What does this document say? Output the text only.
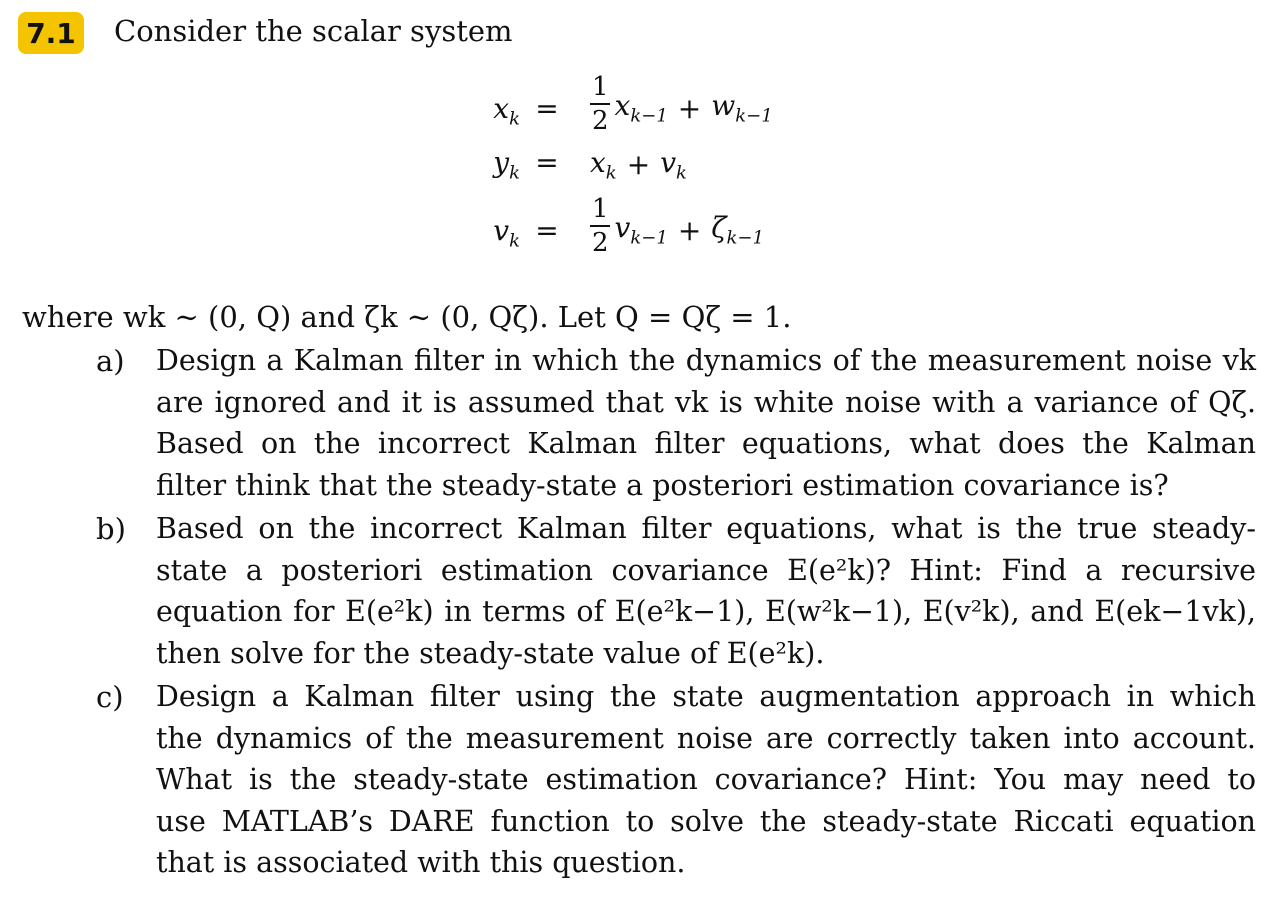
7.1 Consider the scalar system
$x_k = \frac{1}{2} x_{k-1} + w_{k-1}$
$y_k = x_k + v_k$
$v_k = \frac{1}{2} v_{k-1} + \zeta_{k-1}$
where wk ∼ (0, Q) and ζk ∼ (0, Qζ). Let Q = Qζ = 1.
a)	Design a Kalman filter in which the dynamics of the measurement noise vk
are ignored and it is assumed that vk is white noise with a variance of Qζ.
Based on the incorrect Kalman filter equations, what does the Kalman
filter think that the steady-state a posteriori estimation covariance is?
b)	Based on the incorrect Kalman filter equations, what is the true steady-
state a posteriori estimation covariance E(e²k)? Hint: Find a recursive
equation for E(e²k) in terms of E(e²k−1), E(w²k−1), E(v²k), and E(ek−1vk),
then solve for the steady-state value of E(e²k).
c)	Design a Kalman filter using the state augmentation approach in which
the dynamics of the measurement noise are correctly taken into account.
What is the steady-state estimation covariance? Hint: You may need to
use MATLAB’s DARE function to solve the steady-state Riccati equation
that is associated with this question.
